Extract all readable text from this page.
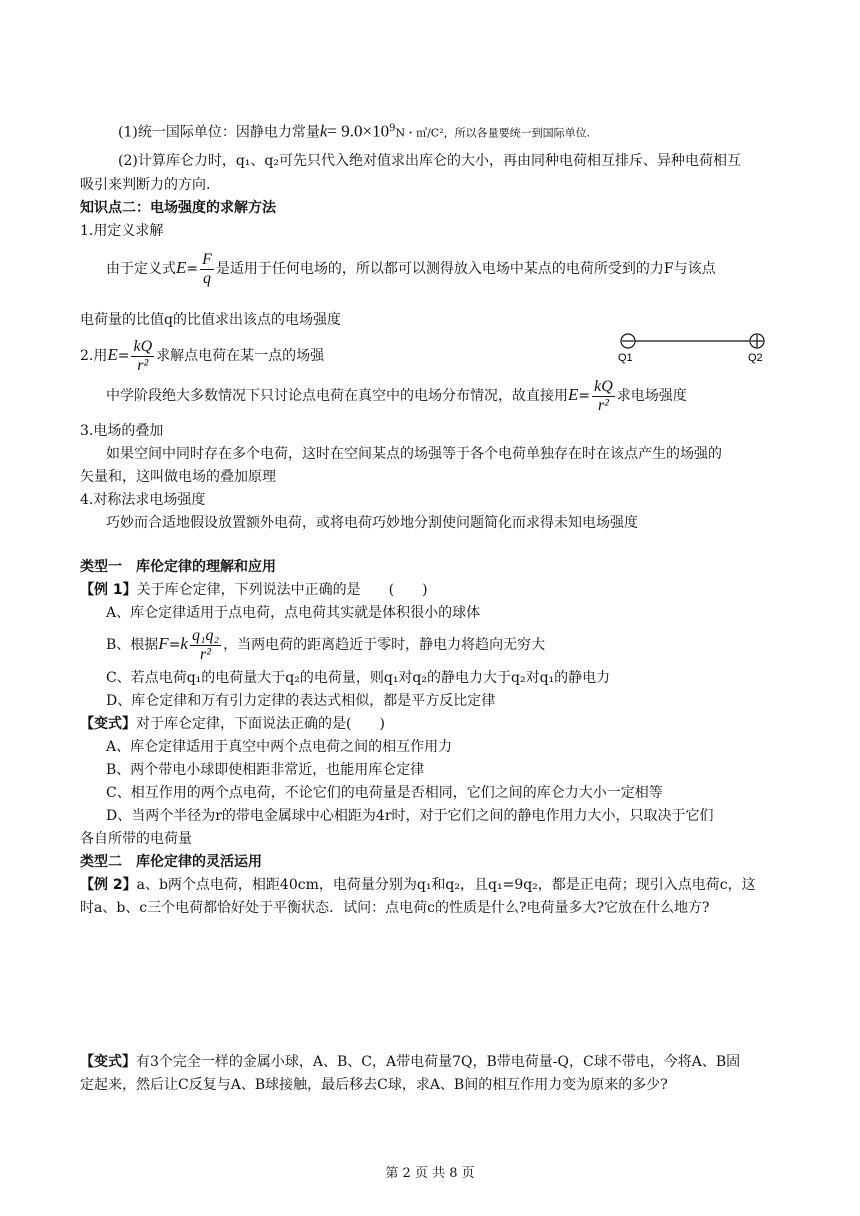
(1)统一国际单位：因静电力常量$k= 9.0\times 10^9N$・㎡/C²，所以各量要统一到国际单位.
(2)计算库仑力时，q₁、q₂可先只代入绝对值求出库仑的大小，再由同种电荷相互排斥、异种电荷相互
吸引来判断力的方向.
知识点二：电场强度的求解方法
1.用定义求解
由于定义式$E= \frac{F}{q}$ 是适用于任何电场的，所以都可以测得放入电场中某点的电荷所受到的力F与该点
电荷量的比值q的比值求出该点的电场强度
2.用$E= \frac{kQ}{\text{r²}}$ 求解点电荷在某一点的场强	Q1	Q2
中学阶段绝大多数情况下只讨论点电荷在真空中的电场分布情况，故直接用$E= \frac{kQ}{\text{r²}}$ 求电场强度
3.电场的叠加
如果空间中同时存在多个电荷，这时在空间某点的场强等于各个电荷单独存在时在该点产生的场强的
矢量和，这叫做电场的叠加原理
4.对称法求电场强度
巧妙而合适地假设放置额外电荷，或将电荷巧妙地分割使问题简化而求得未知电场强度
类型一　库伦定律的理解和应用
【例 1】关于库仑定律，下列说法中正确的是　　(　　)
A、库仑定律适用于点电荷，点电荷其实就是体积很小的球体
B、根据$F=k \frac{\text{q₁q₂}}{\text{r²}}$ ，当两电荷的距离趋近于零时，静电力将趋向无穷大
C、若点电荷q₁的电荷量大于q₂的电荷量，则q₁对q₂的静电力大于q₂对q₁的静电力
D、库仑定律和万有引力定律的表达式相似，都是平方反比定律
【变式】对于库仑定律，下面说法正确的是(　　)
A、库仑定律适用于真空中两个点电荷之间的相互作用力
B、两个带电小球即使相距非常近，也能用库仑定律
C、相互作用的两个点电荷，不论它们的电荷量是否相同，它们之间的库仑力大小一定相等
D、当两个半径为r的带电金属球中心相距为4r时，对于它们之间的静电作用力大小，只取决于它们
各自所带的电荷量
类型二　库伦定律的灵活运用
【例 2】a、b两个点电荷，相距40cm，电荷量分别为q₁和q₂，且q₁=9q₂，都是正电荷；现引入点电荷c，这
时a、b、c三个电荷都恰好处于平衡状态．试问：点电荷c的性质是什么?电荷量多大?它放在什么地方?
【变式】有3个完全一样的金属小球，A、B、C，A带电荷量7Q，B带电荷量-Q，C球不带电，今将A、B固
定起来，然后让C反复与A、B球接触，最后移去C球，求A、B间的相互作用力变为原来的多少?
第 2 页 共 8 页
